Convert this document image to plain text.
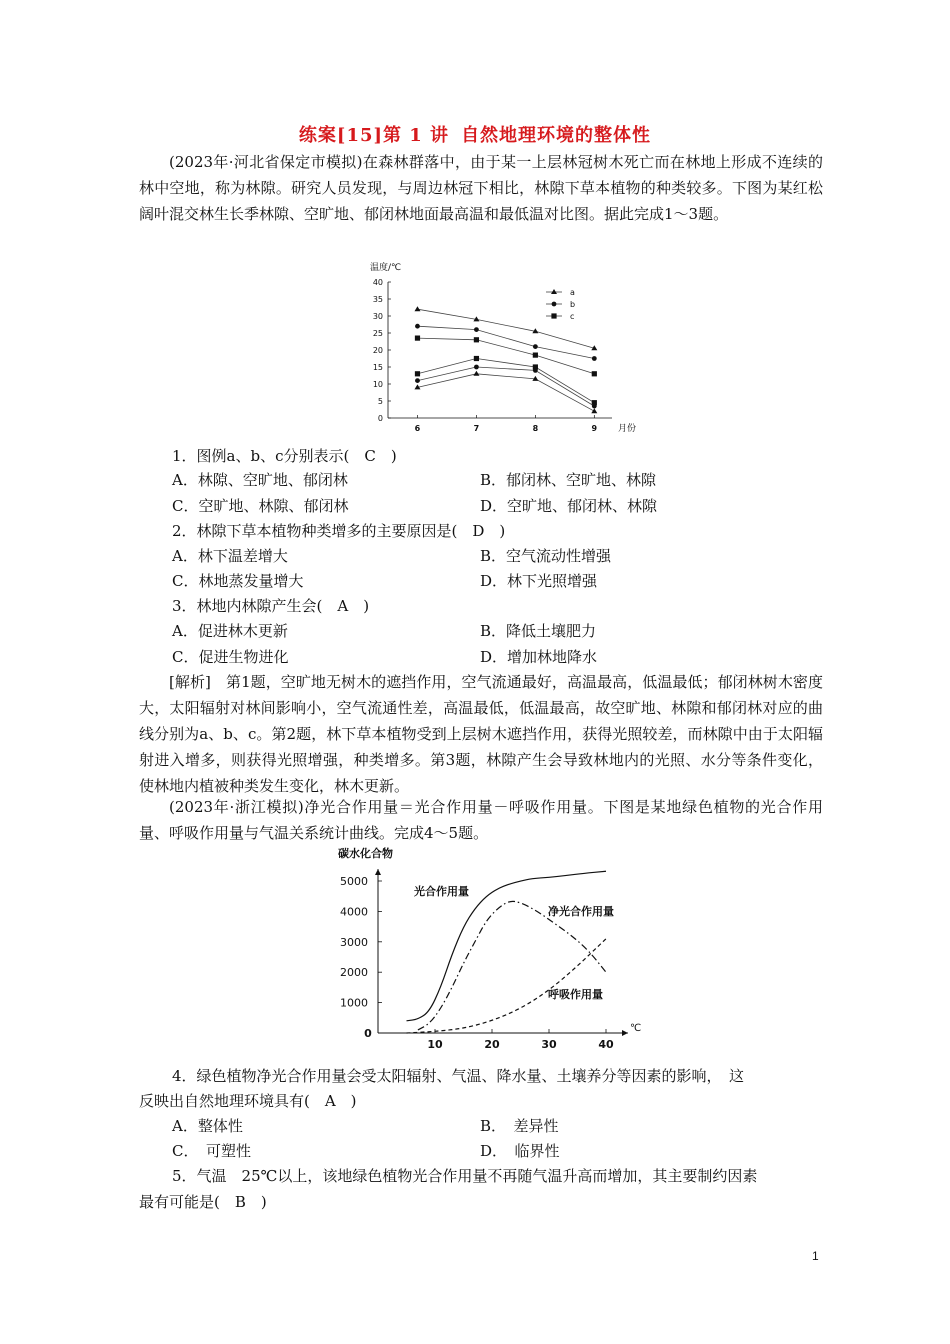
练案[15]第 1 讲 自然地理环境的整体性
(2023年·河北省保定市模拟)在森林群落中，由于某一上层林冠树木死亡而在林地上形成不连续的林中空地，称为林隙。研究人员发现，与周边林冠下相比，林隙下草本植物的种类较多。下图为某红松阔叶混交林生长季林隙、空旷地、郁闭林地面最高温和最低温对比图。据此完成1～3题。
温度/℃
0
5
10
15
20
25
30
35
40
6	7	8	9
a
b
c
月份
1．图例a、b、c分别表示(　C　)
A．林隙、空旷地、郁闭林	B．郁闭林、空旷地、林隙
C．空旷地、林隙、郁闭林	D．空旷地、郁闭林、林隙
2．林隙下草本植物种类增多的主要原因是(　D　)
A．林下温差增大	B．空气流动性增强
C．林地蒸发量增大	D．林下光照增强
3．林地内林隙产生会(　A　)
A．促进林木更新	B．降低土壤肥力
C．促进生物进化	D．增加林地降水
[解析]　第1题，空旷地无树木的遮挡作用，空气流通最好，高温最高，低温最低；郁闭林树木密度大，太阳辐射对林间影响小，空气流通性差，高温最低，低温最高，故空旷地、林隙和郁闭林对应的曲线分别为a、b、c。第2题，林下草本植物受到上层树木遮挡作用，获得光照较差，而林隙中由于太阳辐射进入增多，则获得光照增强，种类增多。第3题，林隙产生会导致林地内的光照、水分等条件变化，使林地内植被种类发生变化，林木更新。
(2023年·浙江模拟)净光合作用量＝光合作用量－呼吸作用量。下图是某地绿色植物的光合作用量、呼吸作用量与气温关系统计曲线。完成4～5题。
碳水化合物
1000
2000
3000
4000
5000
0
10	20	30	40
光合作用量
净光合作用量
呼吸作用量
℃
4．绿色植物净光合作用量会受太阳辐射、气温、降水量、土壤养分等因素的影响，　这
反映出自然地理环境具有(　A　)
A．整体性	B．　差异性
C．　可塑性	D．　临界性
5．气温　25℃以上，该地绿色植物光合作用量不再随气温升高而增加，其主要制约因素
最有可能是(　B　)
1
